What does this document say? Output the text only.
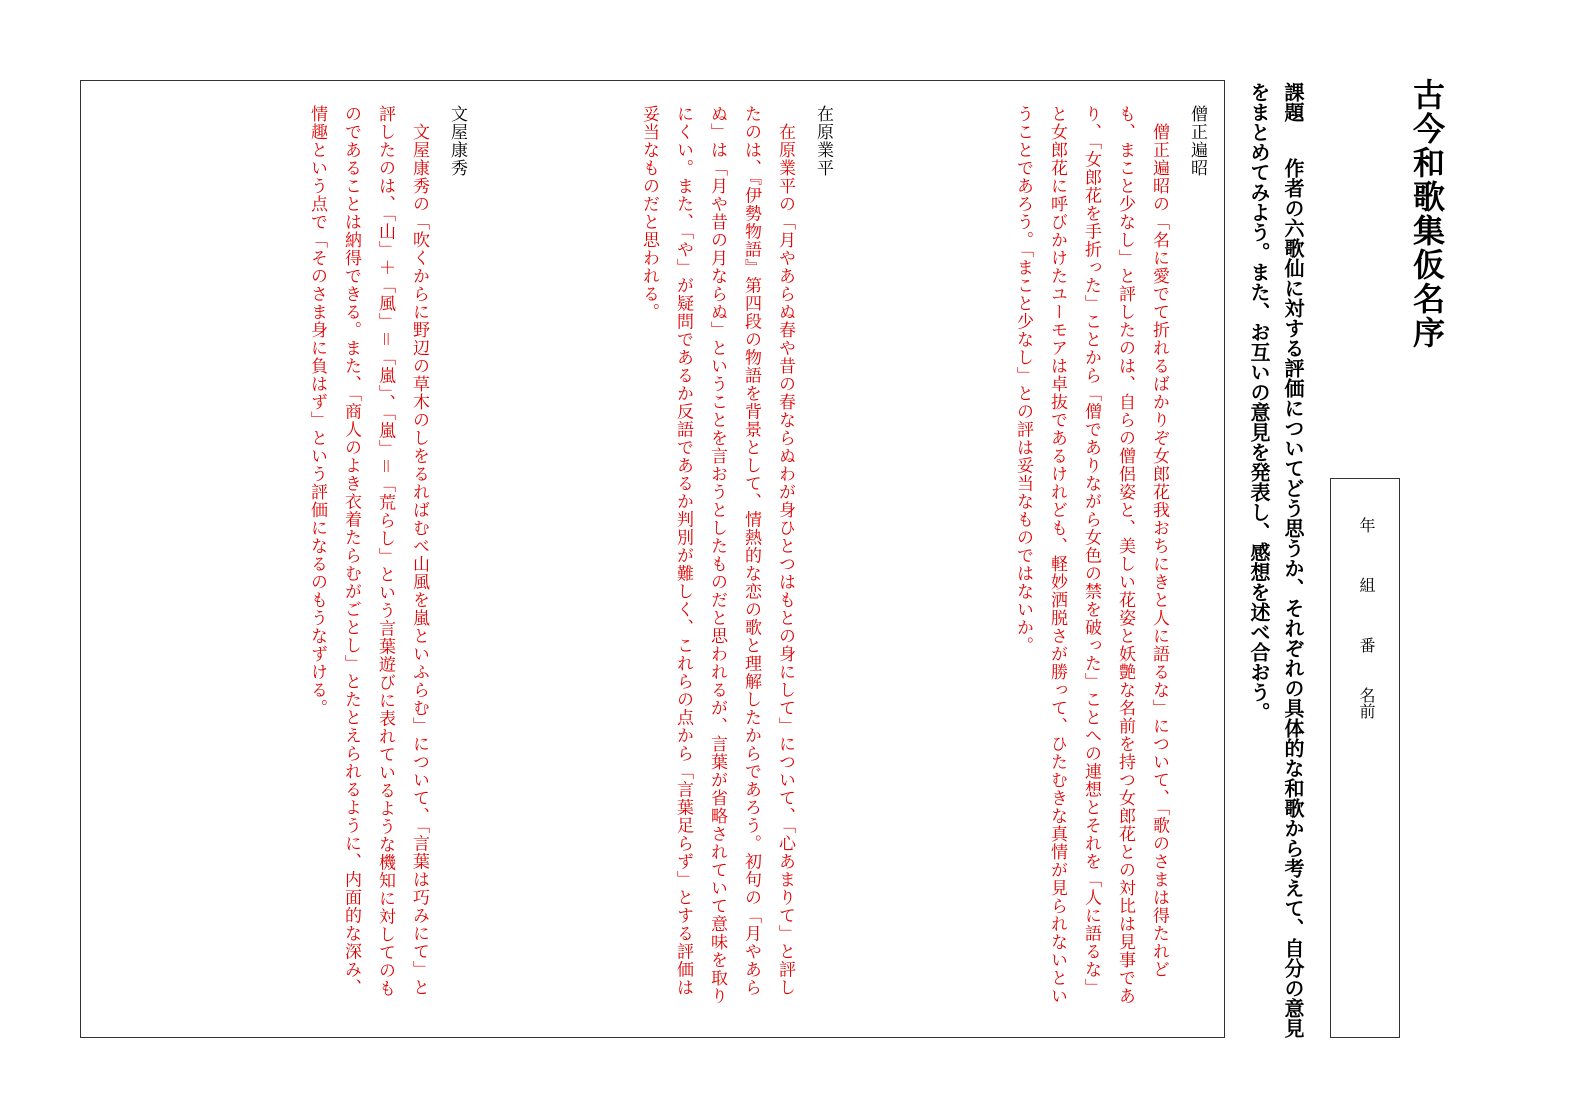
古今和歌集仮名序
課題　作者の六歌仙に対する評価についてどう思うか、それぞれの具体的な和歌から考えて、自分の意見をまとめてみよう。また、お互いの意見を発表し、感想を述べ合おう。	年
組
番
名前
僧正遍昭
　僧正遍昭の「名に愛でて折れるばかりぞ女郎花我おちにきと人に語るな」について、「歌のさまは得たれども、まこと少なし」と評したのは、自らの僧侶姿と、美しい花姿と妖艶な名前を持つ女郎花との対比は見事であり、「女郎花を手折った」ことから「僧でありながら女色の禁を破った」ことへの連想とそれを「人に語るな」と女郎花に呼びかけたユーモアは卓抜であるけれども、軽妙洒脱さが勝って、ひたむきな真情が見られないということであろう。「まこと少なし」との評は妥当なものではないか。
在原業平
　在原業平の「月やあらぬ春や昔の春ならぬわが身ひとつはもとの身にして」について、「心あまりて」と評したのは、『伊勢物語』第四段の物語を背景として、情熱的な恋の歌と理解したからであろう。初句の「月やあらぬ」は「月や昔の月ならぬ」ということを言おうとしたものだと思われるが、言葉が省略されていて意味を取りにくい。また、「や」が疑問であるか反語であるか判別が難しく、これらの点から「言葉足らず」とする評価は妥当なものだと思われる。
文屋康秀
　文屋康秀の「吹くからに野辺の草木のしをるればむべ山風を嵐といふらむ」について、「言葉は巧みにて」と評したのは、「山」＋「風」＝「嵐」、「嵐」＝「荒らし」という言葉遊びに表れているような機知に対してのものであることは納得できる。また、「商人のよき衣着たらむがごとし」とたとえられるように、内面的な深み、情趣という点で「そのさま身に負はず」という評価になるのもうなずける。
